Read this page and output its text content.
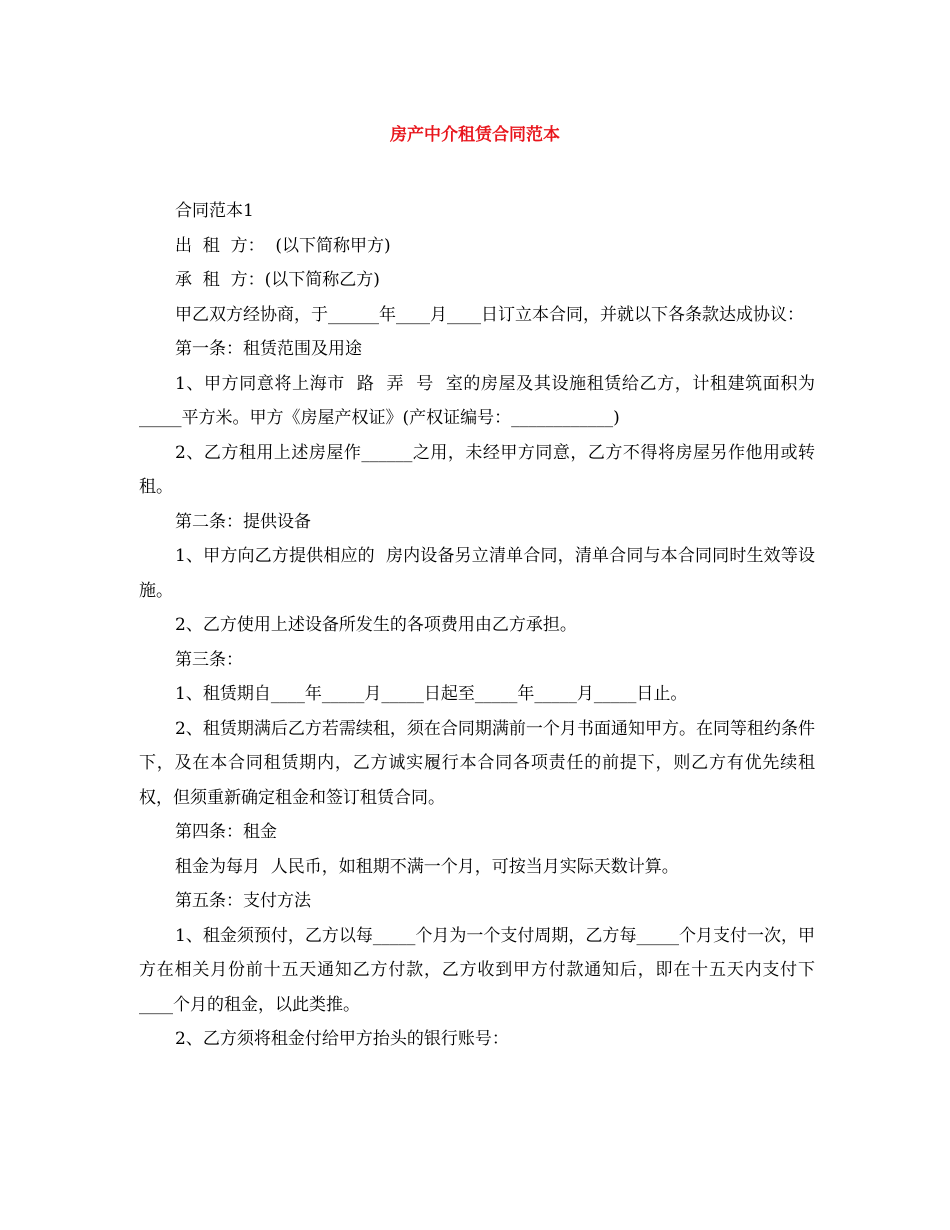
房产中介租赁合同范本

合同范本1

出  租  方：  (以下简称甲方)

承  租  方：(以下简称乙方)

甲乙双方经协商，于______年____月____日订立本合同，并就以下各条款达成协议：

第一条：租赁范围及用途

1、甲方同意将上海市  路  弄  号  室的房屋及其设施租赁给乙方，计租建筑面积为_____平方米。甲方《房屋产权证》(产权证编号：____________)

2、乙方租用上述房屋作______之用，未经甲方同意，乙方不得将房屋另作他用或转租。

第二条：提供设备

1、甲方向乙方提供相应的  房内设备另立清单合同，清单合同与本合同同时生效等设施。

2、乙方使用上述设备所发生的各项费用由乙方承担。

第三条：

1、租赁期自____年_____月_____日起至_____年_____月_____日止。

2、租赁期满后乙方若需续租，须在合同期满前一个月书面通知甲方。在同等租约条件下，及在本合同租赁期内，乙方诚实履行本合同各项责任的前提下，则乙方有优先续租权，但须重新确定租金和签订租赁合同。

第四条：租金

租金为每月  人民币，如租期不满一个月，可按当月实际天数计算。

第五条：支付方法

1、租金须预付，乙方以每_____个月为一个支付周期，乙方每_____个月支付一次，甲方在相关月份前十五天通知乙方付款，乙方收到甲方付款通知后，即在十五天内支付下____个月的租金，以此类推。

2、乙方须将租金付给甲方抬头的银行账号：
